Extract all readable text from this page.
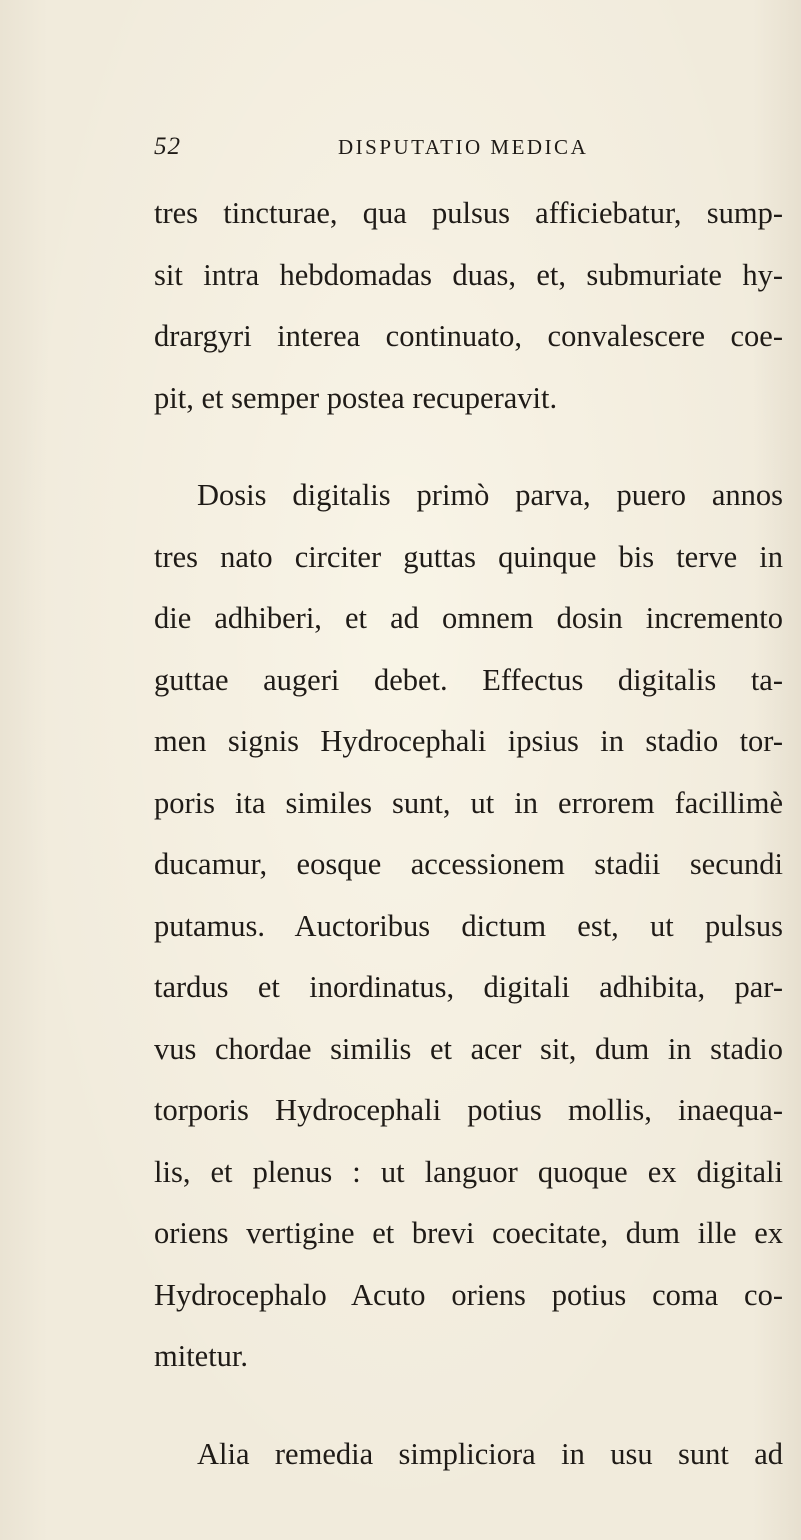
52	DISPUTATIO MEDICA
tres tincturae, qua pulsus afficiebatur, sump-
sit intra hebdomadas duas, et, submuriate hy-
drargyri interea continuato, convalescere coe-
pit, et semper postea recuperavit.
Dosis digitalis primò parva, puero annos
tres nato circiter guttas quinque bis terve in
die adhiberi, et ad omnem dosin incremento
guttae augeri debet. Effectus digitalis ta-
men signis Hydrocephali ipsius in stadio tor-
poris ita similes sunt, ut in errorem facillimè
ducamur, eosque accessionem stadii secundi
putamus. Auctoribus dictum est, ut pulsus
tardus et inordinatus, digitali adhibita, par-
vus chordae similis et acer sit, dum in stadio
torporis Hydrocephali potius mollis, inaequa-
lis, et plenus : ut languor quoque ex digitali
oriens vertigine et brevi coecitate, dum ille ex
Hydrocephalo Acuto oriens potius coma co-
mitetur.
Alia remedia simpliciora in usu sunt ad
